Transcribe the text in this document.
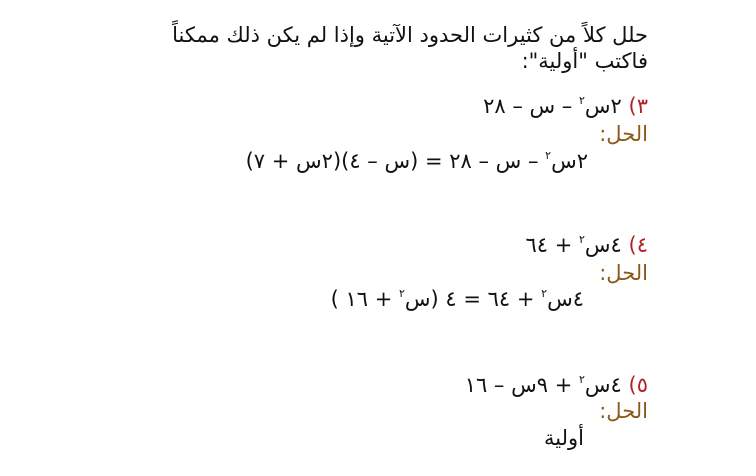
حلل كلاً من كثيرات الحدود الآتية وإذا لم يكن ذلك ممكناً
فاكتب "أولية":
٣) ٢س$^٢$ – س – ٢٨
الحل:
٢س$^٢$ – س – ٢٨ = (س – ٤)(٢س + ٧)
٤) ٤س$^٢$ + ٦٤
الحل:
٤س$^٢$ + ٦٤ = ٤ (س$^٢$ + ١٦ )
٥) ٤س$^٢$ + ٩س – ١٦
الحل:
أولية
